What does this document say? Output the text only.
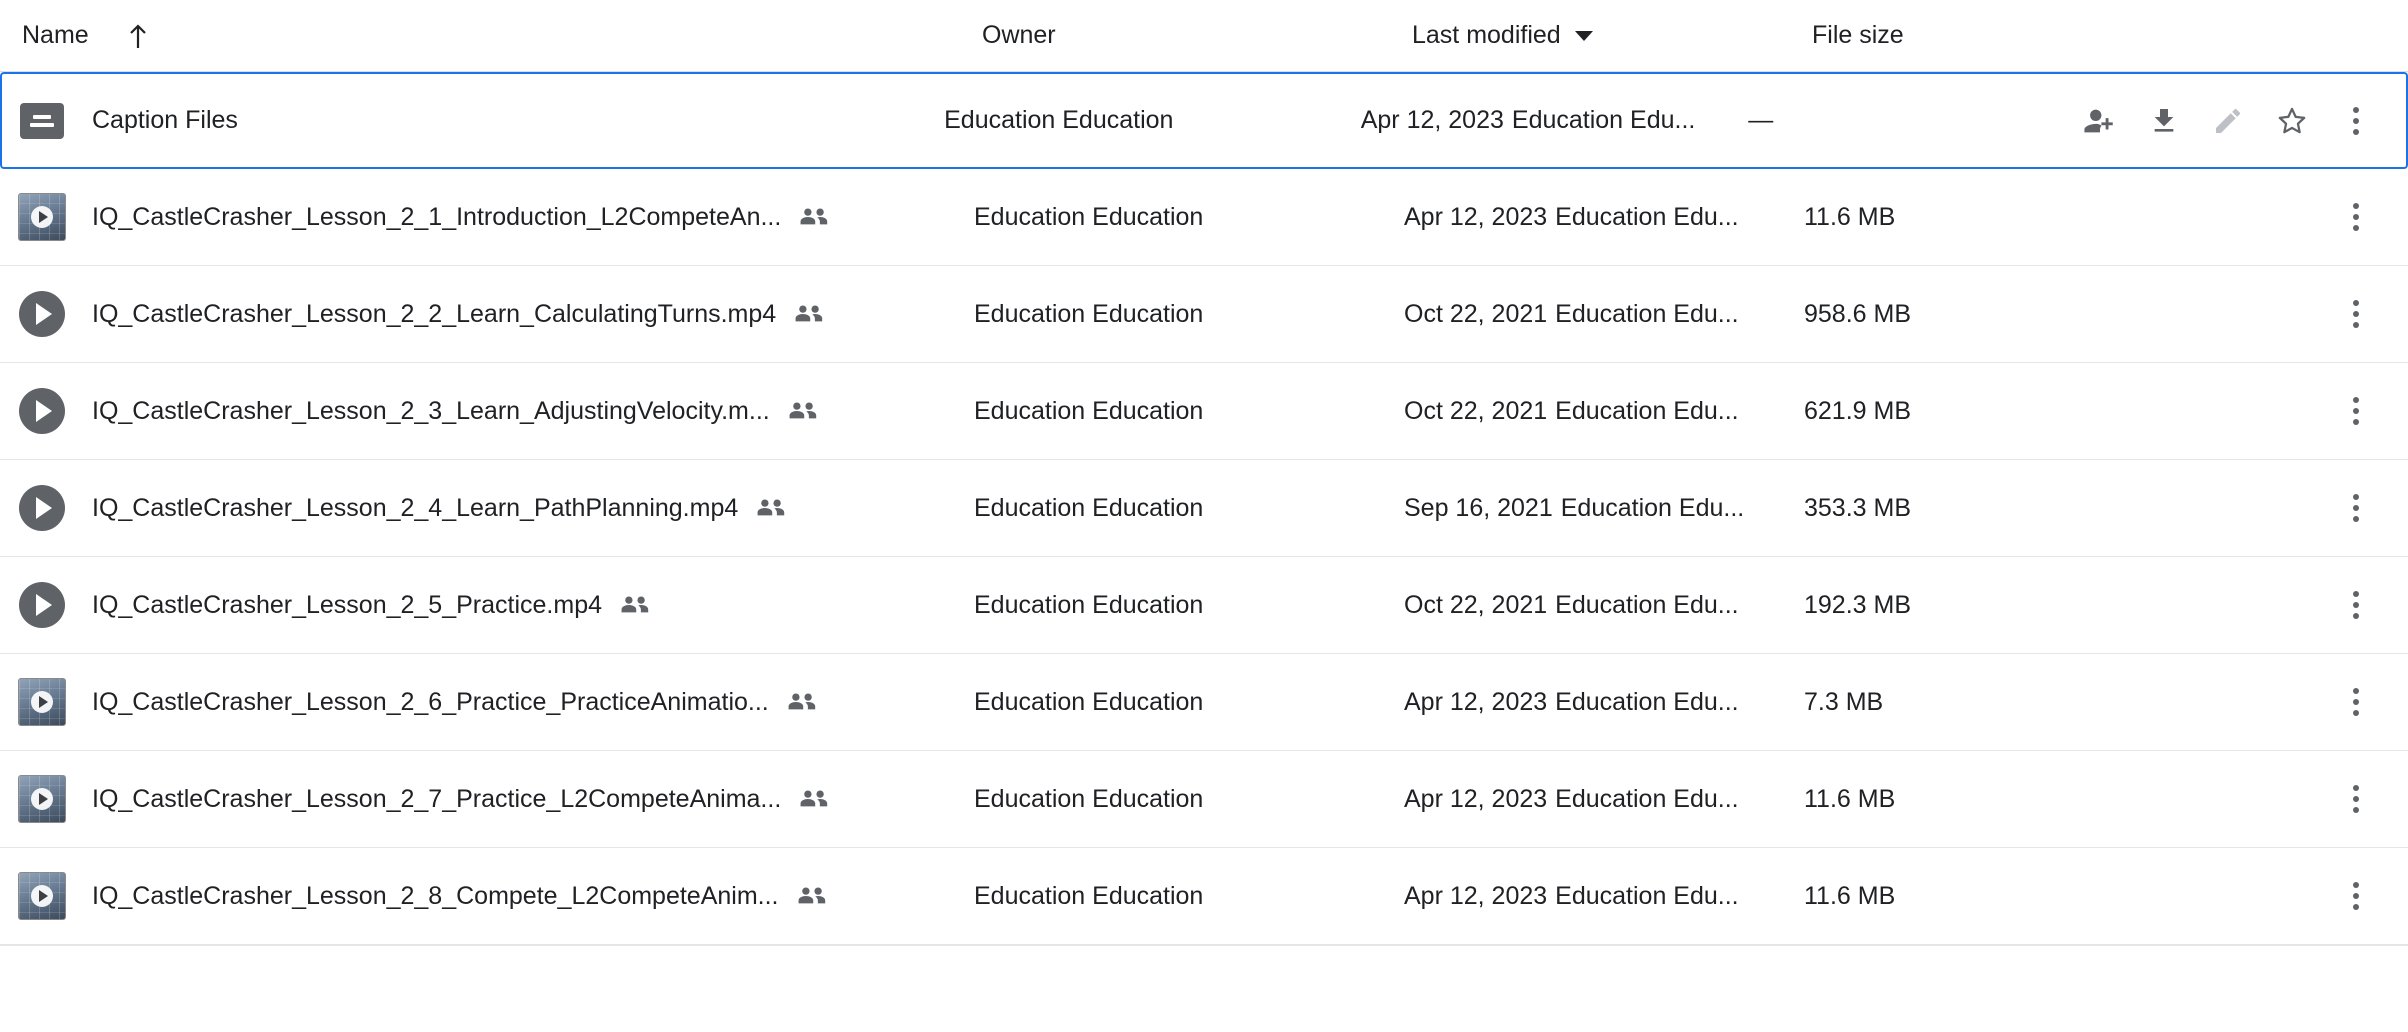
Name	Owner	Last modified	File size
Caption Files	Education Education	Apr 12, 2023 Education Edu... —
IQ_CastleCrasher_Lesson_2_1_Introduction_L2CompeteAn...	Education Education	Apr 12, 2023 Education Edu...	11.6 MB
IQ_CastleCrasher_Lesson_2_2_Learn_CalculatingTurns.mp4	Education Education	Oct 22, 2021 Education Edu...	958.6 MB
IQ_CastleCrasher_Lesson_2_3_Learn_AdjustingVelocity.m...	Education Education	Oct 22, 2021 Education Edu...	621.9 MB
IQ_CastleCrasher_Lesson_2_4_Learn_PathPlanning.mp4	Education Education	Sep 16, 2021 Education Edu... 353.3 MB
IQ_CastleCrasher_Lesson_2_5_Practice.mp4	Education Education	Oct 22, 2021 Education Edu...	192.3 MB
IQ_CastleCrasher_Lesson_2_6_Practice_PracticeAnimatio...	Education Education	Apr 12, 2023 Education Edu...	7.3 MB
IQ_CastleCrasher_Lesson_2_7_Practice_L2CompeteAnima...	Education Education	Apr 12, 2023 Education Edu...	11.6 MB
IQ_CastleCrasher_Lesson_2_8_Compete_L2CompeteAnim...	Education Education	Apr 12, 2023 Education Edu...	11.6 MB
